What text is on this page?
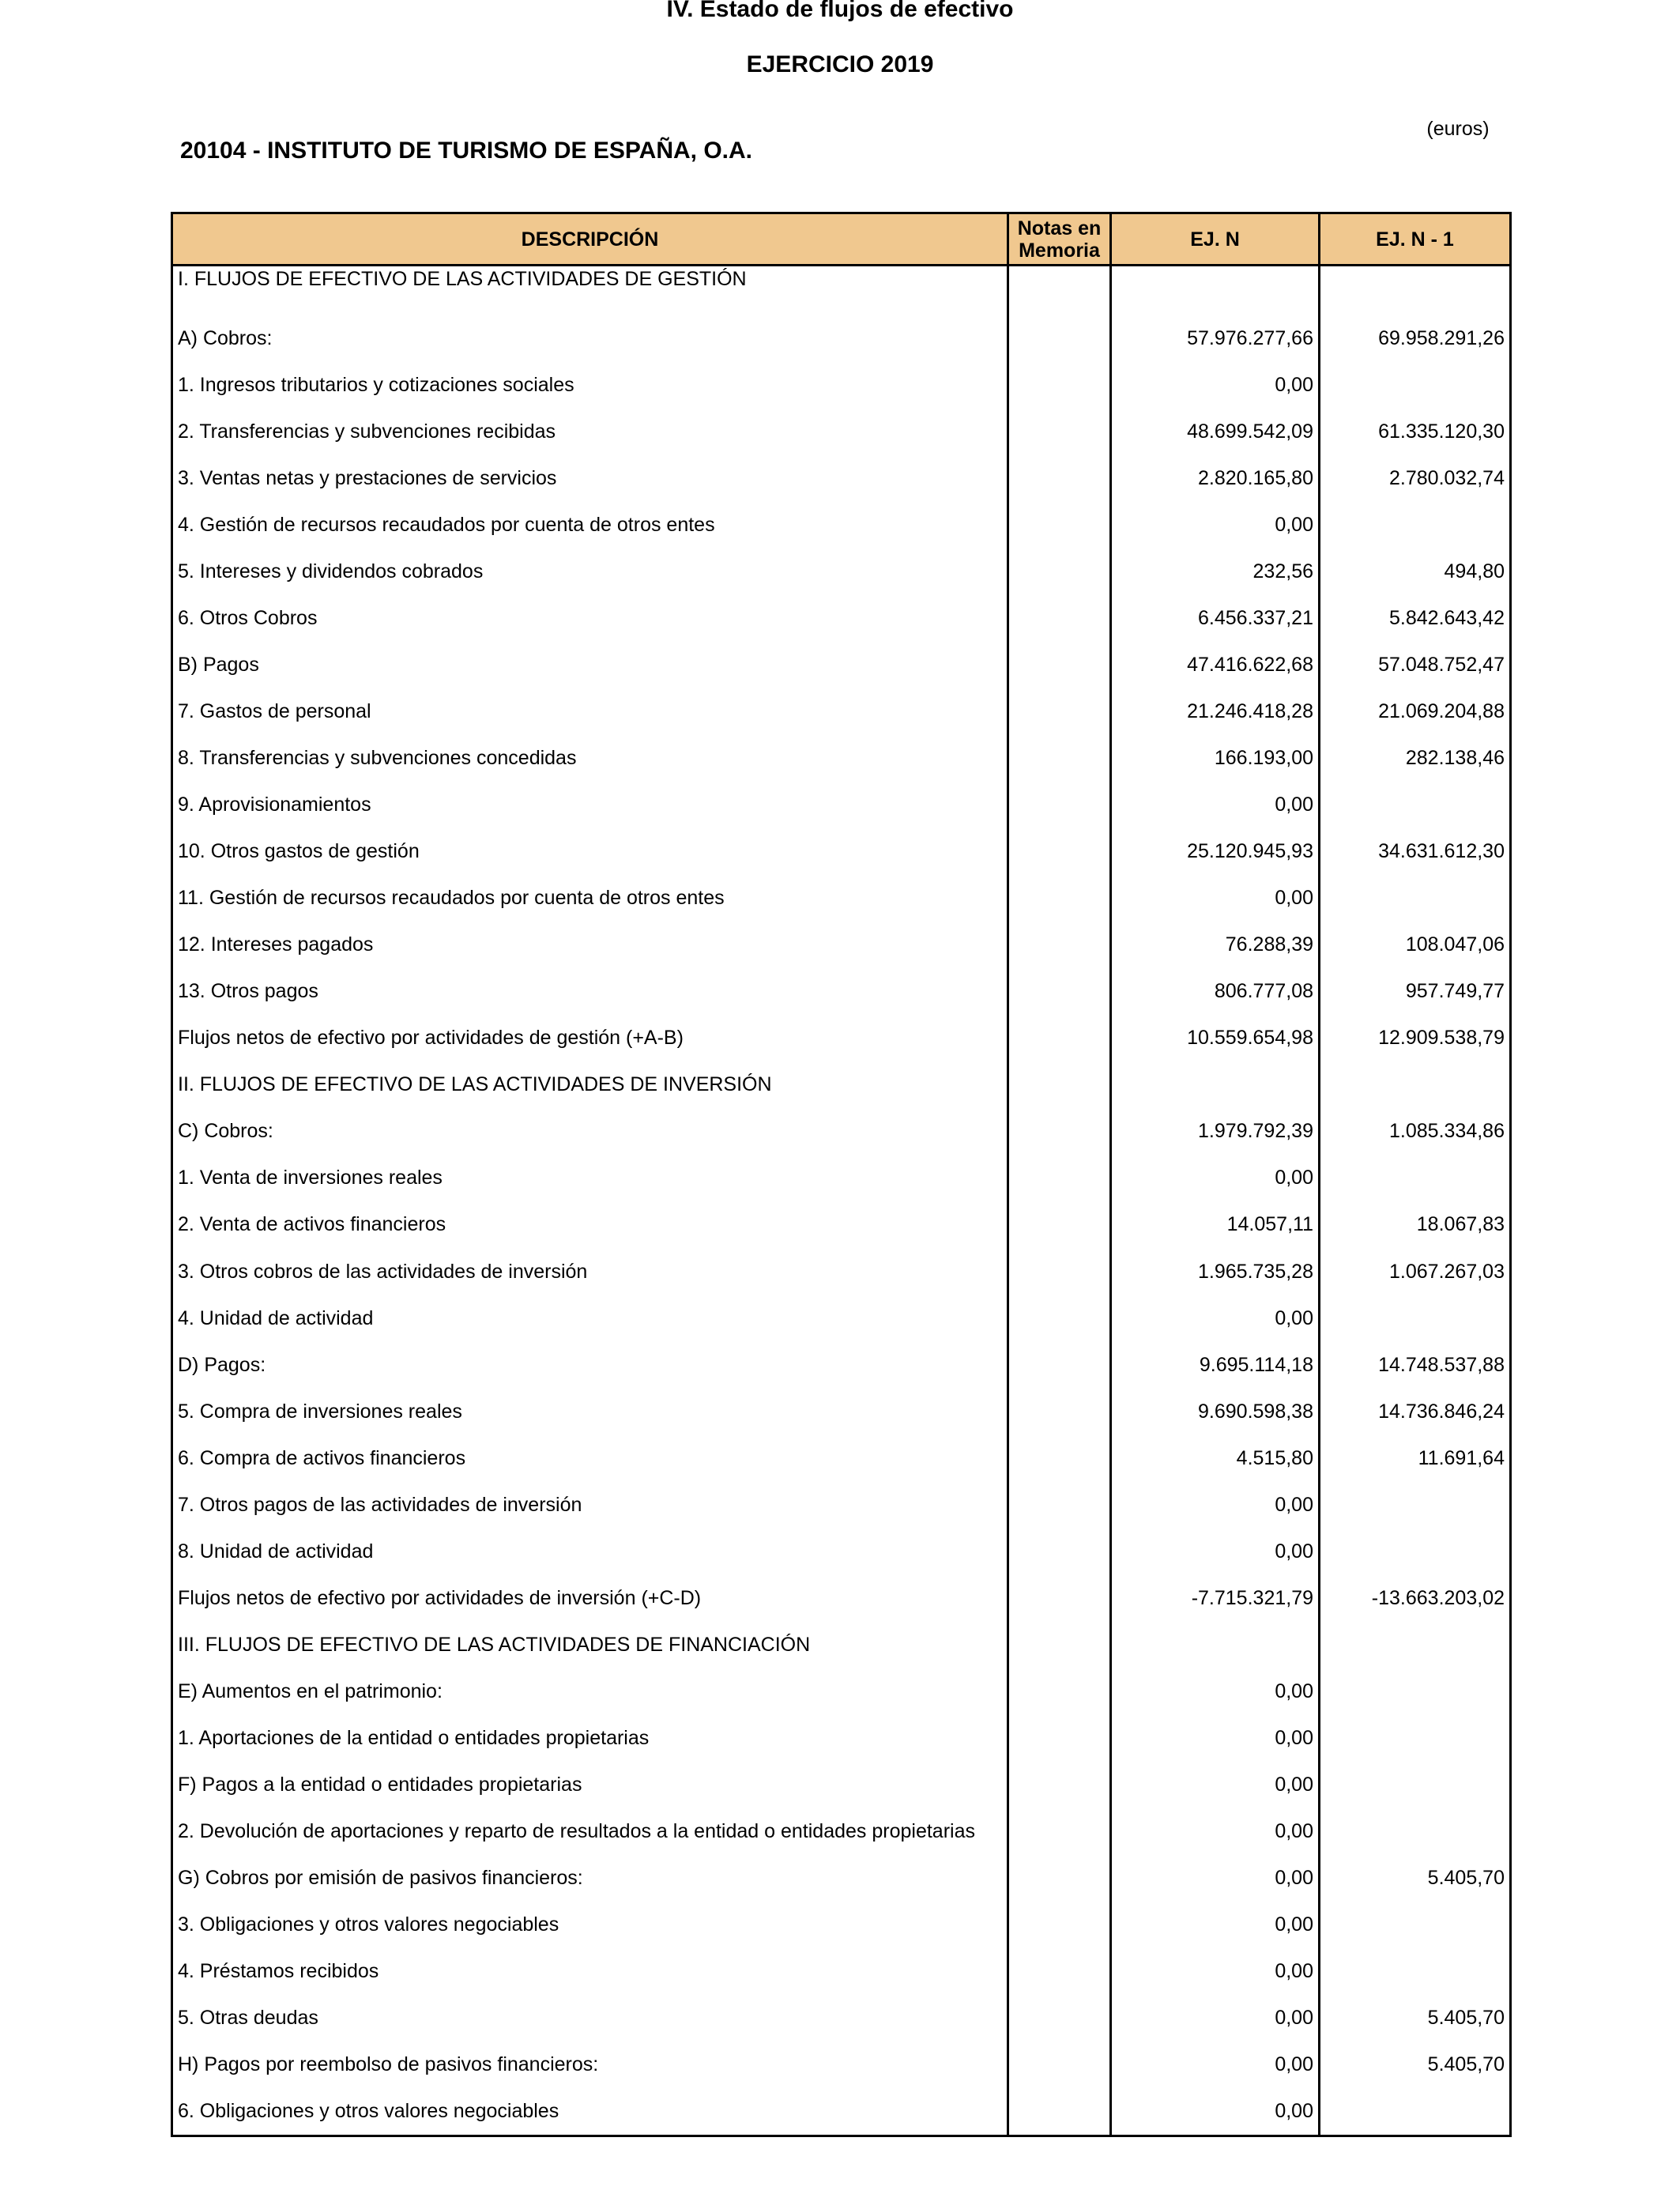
IV. Estado de flujos de efectivo
EJERCICIO 2019
(euros)
20104 - INSTITUTO DE TURISMO DE ESPAÑA, O.A.
DESCRIPCIÓN	Notas en Memoria	EJ. N	EJ. N - 1
I. FLUJOS DE EFECTIVO DE LAS ACTIVIDADES DE GESTIÓN			
A) Cobros:		57.976.277,66	69.958.291,26
1. Ingresos tributarios y cotizaciones sociales		0,00	
2. Transferencias y subvenciones recibidas		48.699.542,09	61.335.120,30
3. Ventas netas y prestaciones de servicios		2.820.165,80	2.780.032,74
4. Gestión de recursos recaudados por cuenta de otros entes		0,00	
5. Intereses y dividendos cobrados		232,56	494,80
6. Otros Cobros		6.456.337,21	5.842.643,42
B) Pagos		47.416.622,68	57.048.752,47
7. Gastos de personal		21.246.418,28	21.069.204,88
8. Transferencias y subvenciones concedidas		166.193,00	282.138,46
9. Aprovisionamientos		0,00	
10. Otros gastos de gestión		25.120.945,93	34.631.612,30
11. Gestión de recursos recaudados por cuenta de otros entes		0,00	
12. Intereses pagados		76.288,39	108.047,06
13. Otros pagos		806.777,08	957.749,77
Flujos netos de efectivo por actividades de gestión (+A-B)		10.559.654,98	12.909.538,79
II. FLUJOS DE EFECTIVO DE LAS ACTIVIDADES DE INVERSIÓN			
C) Cobros:		1.979.792,39	1.085.334,86
1. Venta de inversiones reales		0,00	
2. Venta de activos financieros		14.057,11	18.067,83
3. Otros cobros de las actividades de inversión		1.965.735,28	1.067.267,03
4. Unidad de actividad		0,00	
D) Pagos:		9.695.114,18	14.748.537,88
5. Compra de inversiones reales		9.690.598,38	14.736.846,24
6. Compra de activos financieros		4.515,80	11.691,64
7. Otros pagos de las actividades de inversión		0,00	
8. Unidad de actividad		0,00	
Flujos netos de efectivo por actividades de inversión (+C-D)		-7.715.321,79	-13.663.203,02
III. FLUJOS DE EFECTIVO DE LAS ACTIVIDADES DE FINANCIACIÓN			
E) Aumentos en el patrimonio:		0,00	
1. Aportaciones de la entidad o entidades propietarias		0,00	
F) Pagos a la entidad o entidades propietarias		0,00	
2. Devolución de aportaciones y reparto de resultados a la entidad o entidades propietarias		0,00	
G) Cobros por emisión de pasivos financieros:		0,00	5.405,70
3. Obligaciones y otros valores negociables		0,00	
4. Préstamos recibidos		0,00	
5. Otras deudas		0,00	5.405,70
H) Pagos por reembolso de pasivos financieros:		0,00	5.405,70
6. Obligaciones y otros valores negociables		0,00	
